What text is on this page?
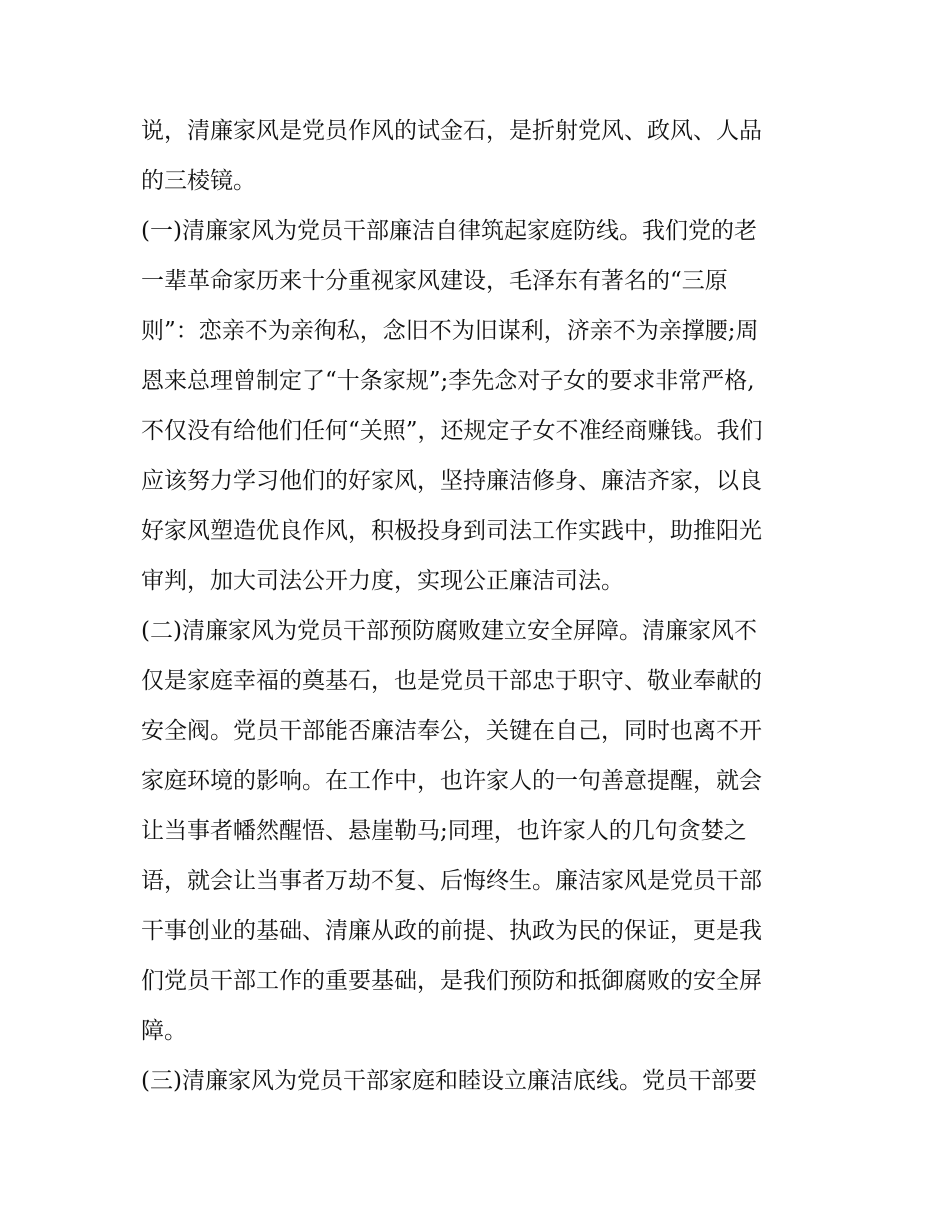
说，清廉家风是党员作风的试金石，是折射党风、政风、人品
的三棱镜。
(一)清廉家风为党员干部廉洁自律筑起家庭防线。我们党的老
一辈革命家历来十分重视家风建设，毛泽东有著名的“三原
则”：恋亲不为亲徇私，念旧不为旧谋利，济亲不为亲撑腰;周
恩来总理曾制定了“十条家规”;李先念对子女的要求非常严格,
不仅没有给他们任何“关照”，还规定子女不准经商赚钱。我们
应该努力学习他们的好家风，坚持廉洁修身、廉洁齐家，以良
好家风塑造优良作风，积极投身到司法工作实践中，助推阳光
审判，加大司法公开力度，实现公正廉洁司法。
(二)清廉家风为党员干部预防腐败建立安全屏障。清廉家风不
仅是家庭幸福的奠基石，也是党员干部忠于职守、敬业奉献的
安全阀。党员干部能否廉洁奉公，关键在自己，同时也离不开
家庭环境的影响。在工作中，也许家人的一句善意提醒，就会
让当事者幡然醒悟、悬崖勒马;同理，也许家人的几句贪婪之
语，就会让当事者万劫不复、后悔终生。廉洁家风是党员干部
干事创业的基础、清廉从政的前提、执政为民的保证，更是我
们党员干部工作的重要基础，是我们预防和抵御腐败的安全屏
障。
(三)清廉家风为党员干部家庭和睦设立廉洁底线。党员干部要
